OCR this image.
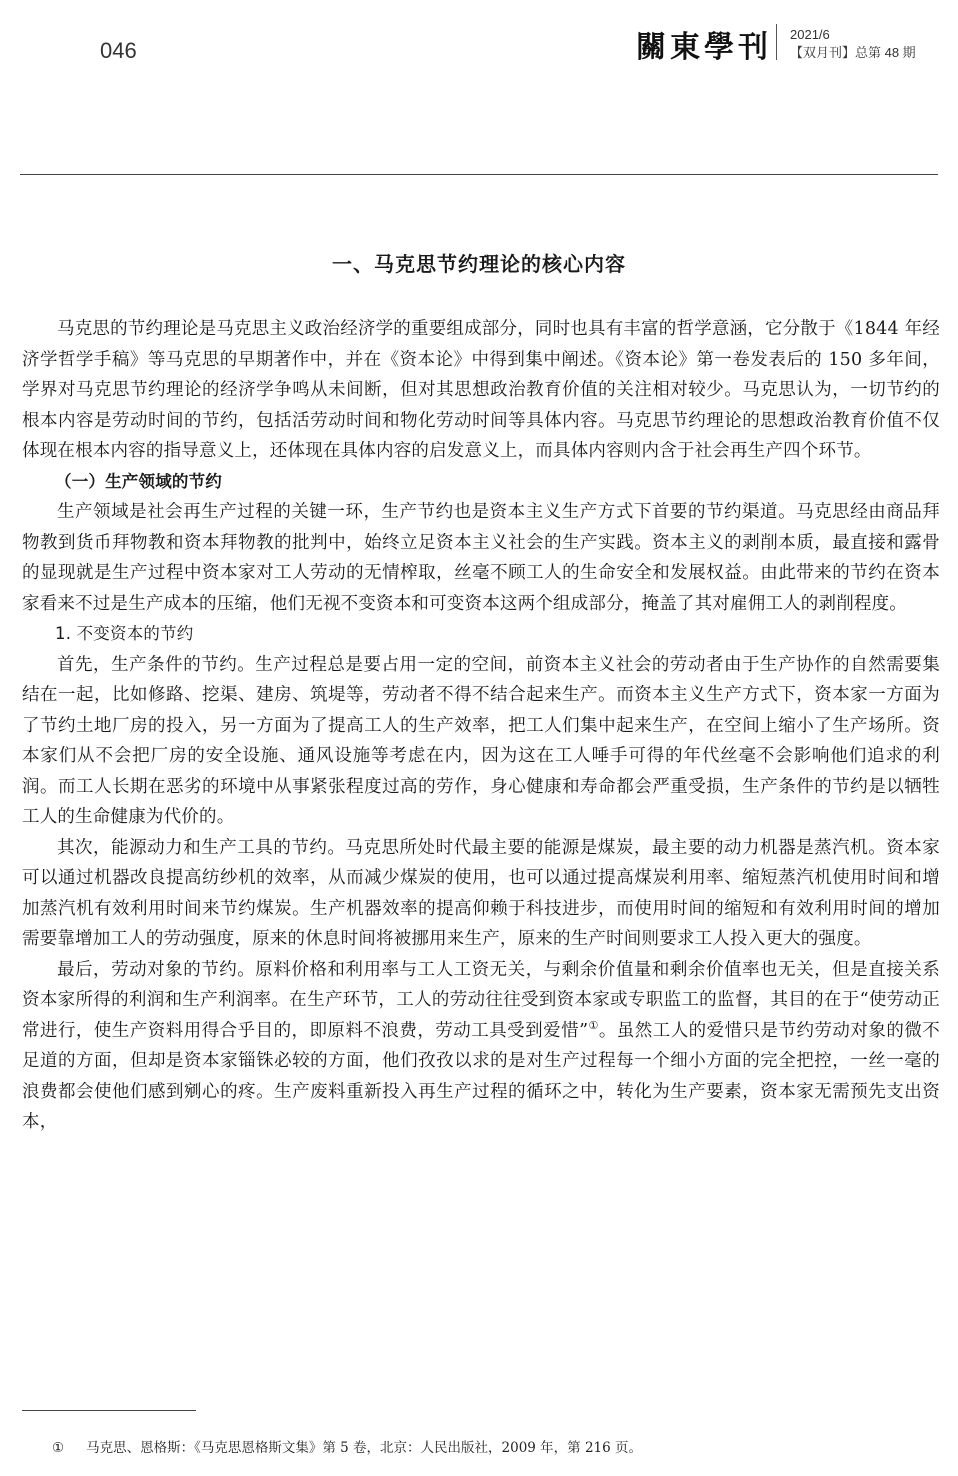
046	關東學刊 2021/6
【双月刊】总第 48 期
一、马克思节约理论的核心内容

马克思的节约理论是马克思主义政治经济学的重要组成部分，同时也具有丰富的哲学意涵，它分散于《1844 年经济学哲学手稿》等马克思的早期著作中，并在《资本论》中得到集中阐述。《资本论》第一卷发表后的 150 多年间，学界对马克思节约理论的经济学争鸣从未间断，但对其思想政治教育价值的关注相对较少。马克思认为，一切节约的根本内容是劳动时间的节约，包括活劳动时间和物化劳动时间等具体内容。马克思节约理论的思想政治教育价值不仅体现在根本内容的指导意义上，还体现在具体内容的启发意义上，而具体内容则内含于社会再生产四个环节。

（一）生产领域的节约

生产领域是社会再生产过程的关键一环，生产节约也是资本主义生产方式下首要的节约渠道。马克思经由商品拜物教到货币拜物教和资本拜物教的批判中，始终立足资本主义社会的生产实践。资本主义的剥削本质，最直接和露骨的显现就是生产过程中资本家对工人劳动的无情榨取，丝毫不顾工人的生命安全和发展权益。由此带来的节约在资本家看来不过是生产成本的压缩，他们无视不变资本和可变资本这两个组成部分，掩盖了其对雇佣工人的剥削程度。

1. 不变资本的节约

首先，生产条件的节约。生产过程总是要占用一定的空间，前资本主义社会的劳动者由于生产协作的自然需要集结在一起，比如修路、挖渠、建房、筑堤等，劳动者不得不结合起来生产。而资本主义生产方式下，资本家一方面为了节约土地厂房的投入，另一方面为了提高工人的生产效率，把工人们集中起来生产，在空间上缩小了生产场所。资本家们从不会把厂房的安全设施、通风设施等考虑在内，因为这在工人唾手可得的年代丝毫不会影响他们追求的利润。而工人长期在恶劣的环境中从事紧张程度过高的劳作，身心健康和寿命都会严重受损，生产条件的节约是以牺牲工人的生命健康为代价的。

其次，能源动力和生产工具的节约。马克思所处时代最主要的能源是煤炭，最主要的动力机器是蒸汽机。资本家可以通过机器改良提高纺纱机的效率，从而减少煤炭的使用，也可以通过提高煤炭利用率、缩短蒸汽机使用时间和增加蒸汽机有效利用时间来节约煤炭。生产机器效率的提高仰赖于科技进步，而使用时间的缩短和有效利用时间的增加需要靠增加工人的劳动强度，原来的休息时间将被挪用来生产，原来的生产时间则要求工人投入更大的强度。

最后，劳动对象的节约。原料价格和利用率与工人工资无关，与剩余价值量和剩余价值率也无关，但是直接关系资本家所得的利润和生产利润率。在生产环节，工人的劳动往往受到资本家或专职监工的监督，其目的在于“使劳动正常进行，使生产资料用得合乎目的，即原料不浪费，劳动工具受到爱惜”①。虽然工人的爱惜只是节约劳动对象的微不足道的方面，但却是资本家锱铢必较的方面，他们孜孜以求的是对生产过程每一个细小方面的完全把控，一丝一毫的浪费都会使他们感到剜心的疼。生产废料重新投入再生产过程的循环之中，转化为生产要素，资本家无需预先支出资本，

① 马克思、恩格斯：《马克思恩格斯文集》第 5 卷，北京：人民出版社，2009 年，第 216 页。
